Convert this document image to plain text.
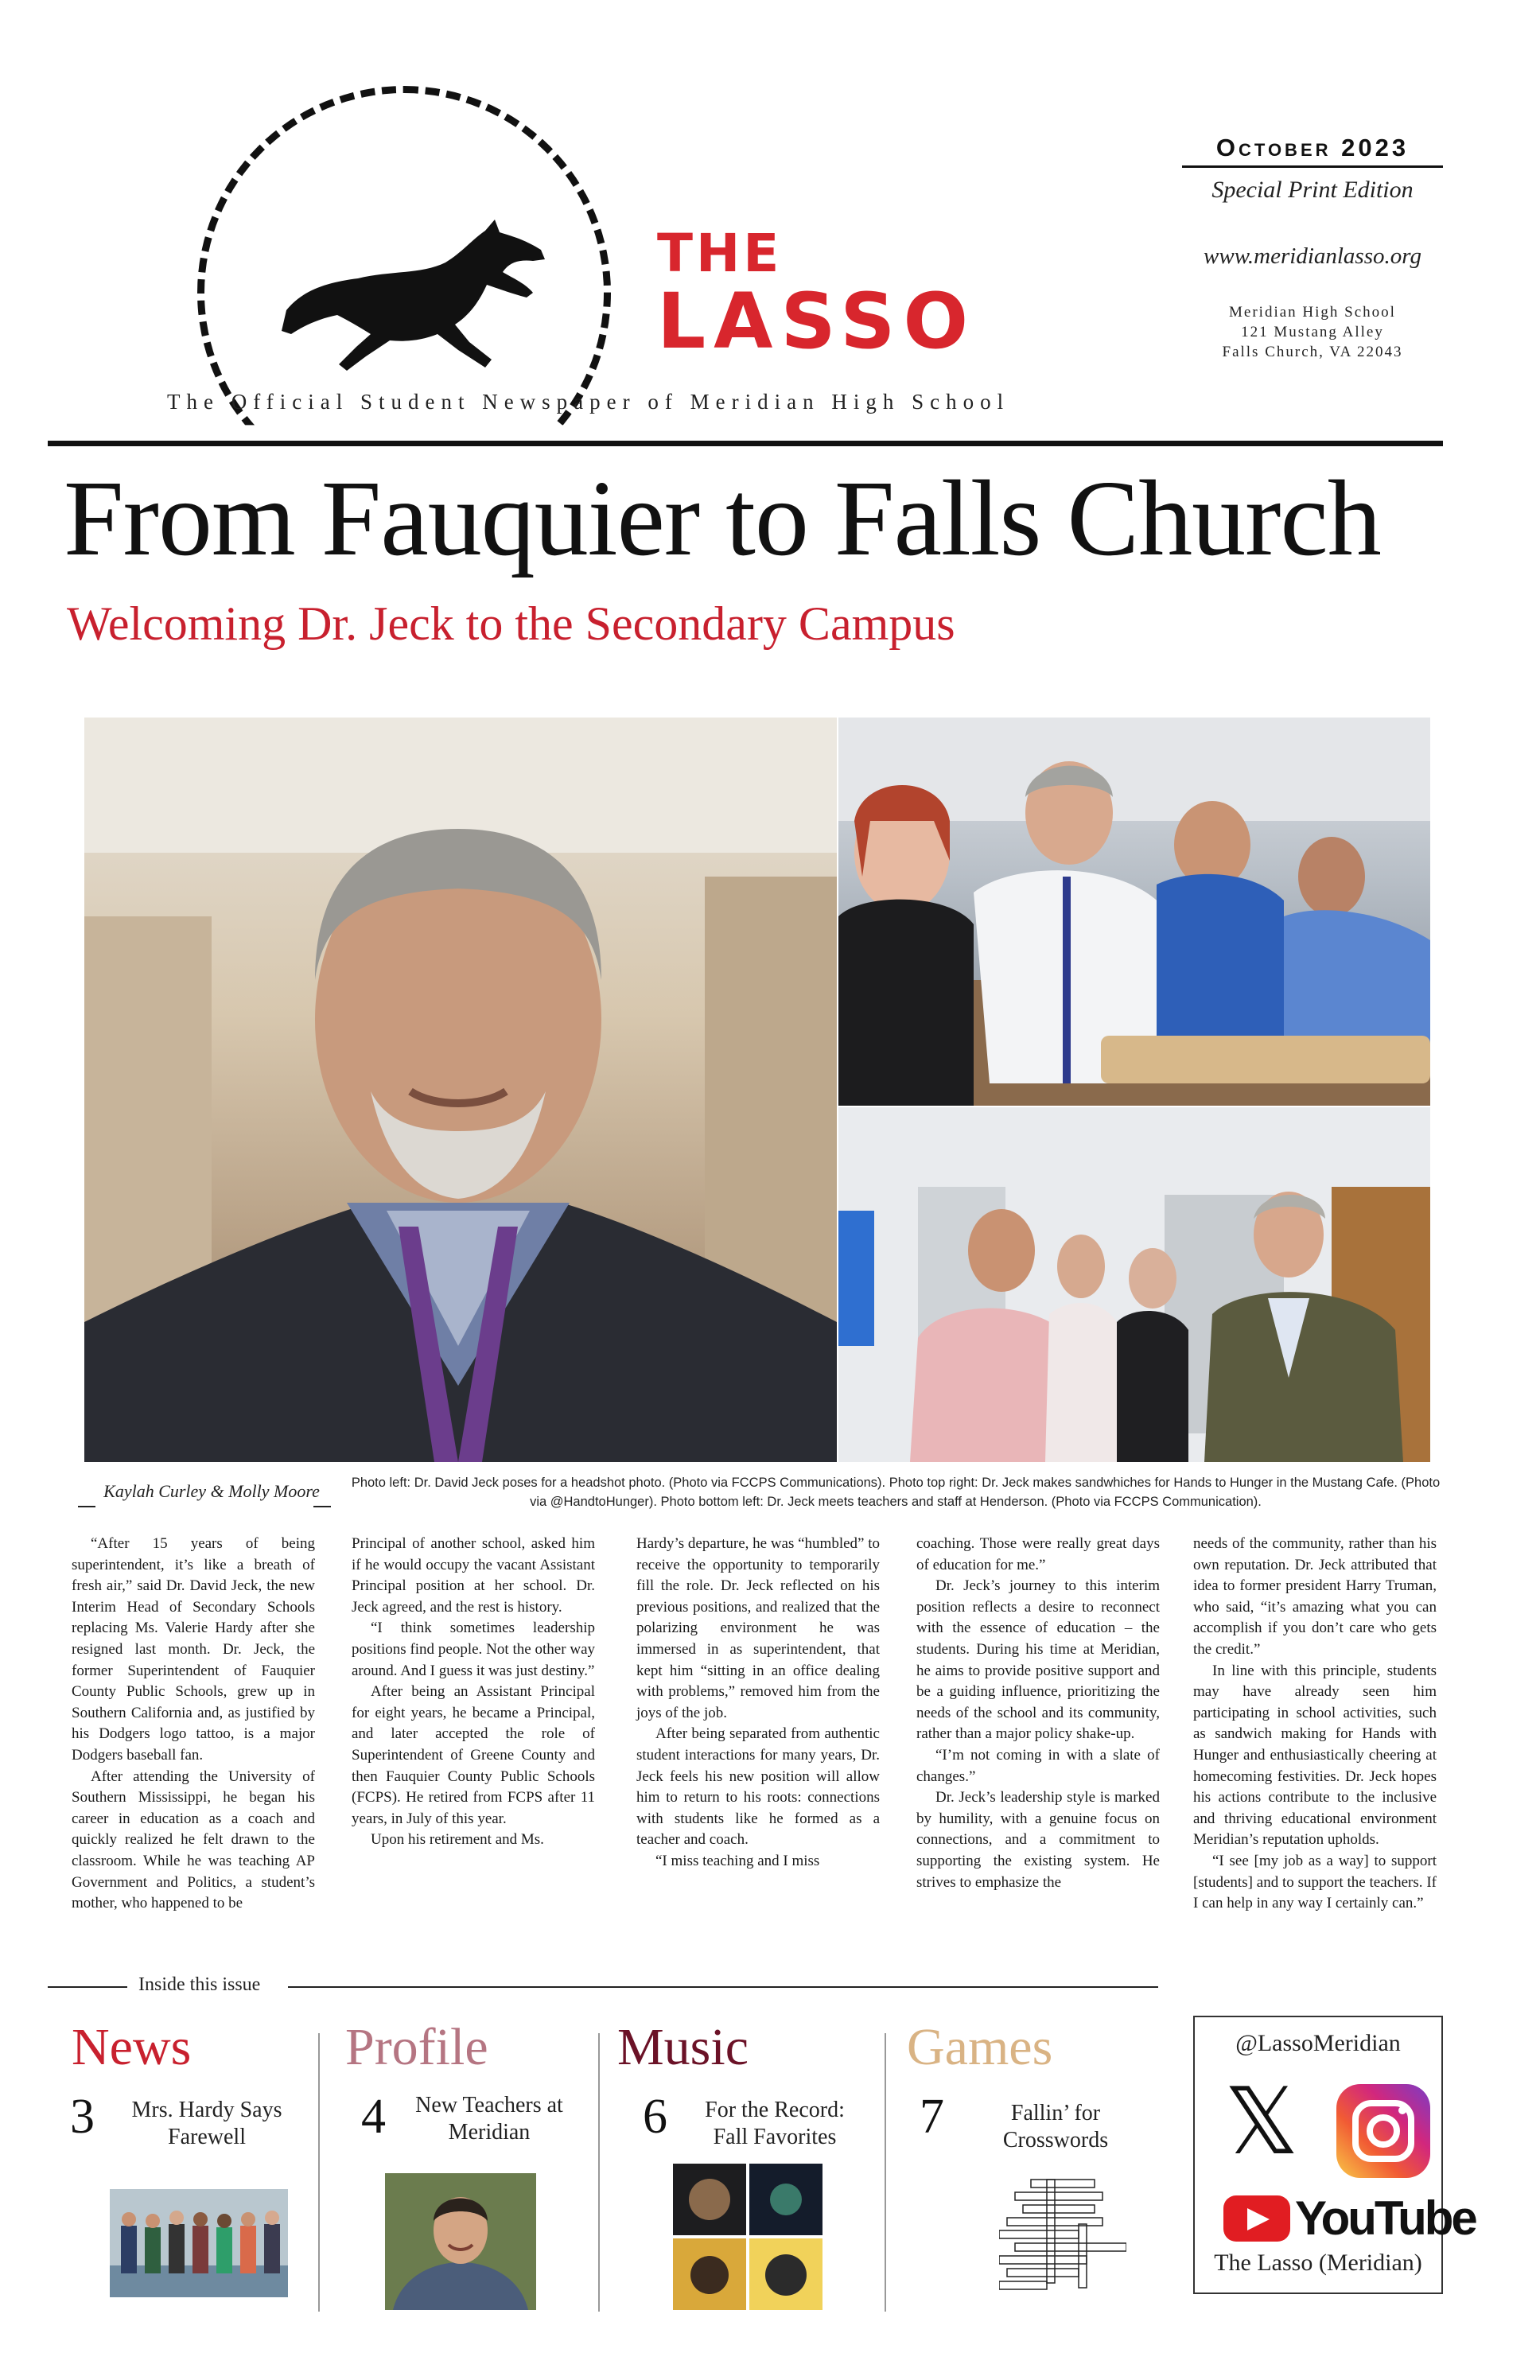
THE
LASSO
The Official Student Newspaper of Meridian High School
October 2023
Special Print Edition
www.meridianlasso.org
Meridian High School
121 Mustang Alley
Falls Church, VA 22043
From Fauquier to Falls Church
Welcoming Dr. Jeck to the Secondary Campus
Kaylah Curley & Molly Moore	Photo left: Dr. David Jeck poses for a headshot photo. (Photo via FCCPS Communications). Photo top right: Dr. Jeck makes sandwhiches for Hands to Hunger in the Mustang Cafe. (Photo via @HandtoHunger). Photo bottom left: Dr. Jeck meets teachers and staff at Henderson. (Photo via FCCPS Communication).

“After 15 years of being superintendent, it’s like a breath of fresh air,” said Dr. David Jeck, the new Interim Head of Secondary Schools replacing Ms. Valerie Hardy after she resigned last month. Dr. Jeck, the former Superintendent of Fauquier County Public Schools, grew up in Southern California and, as justified by his Dodgers logo tattoo, is a major Dodgers baseball fan.

After attending the University of Southern Mississippi, he began his career in education as a coach and quickly realized he felt drawn to the classroom. While he was teaching AP Government and Politics, a student’s mother, who happened to be

Principal of another school, asked him if he would occupy the vacant Assistant Principal position at her school. Dr. Jeck agreed, and the rest is history.

“I think sometimes leadership positions find people. Not the other way around. And I guess it was just destiny.”

After being an Assistant Principal for eight years, he became a Principal, and later accepted the role of Superintendent of Greene County and then Fauquier County Public Schools (FCPS). He retired from FCPS after 11 years, in July of this year.

Upon his retirement and Ms.

Hardy’s departure, he was “humbled” to receive the opportunity to temporarily fill the role. Dr. Jeck reflected on his previous positions, and realized that the polarizing environment he was immersed in as superintendent, that kept him “sitting in an office dealing with problems,” removed him from the joys of the job.

After being separated from authentic student interactions for many years, Dr. Jeck feels his new position will allow him to return to his roots: connections with students like he formed as a teacher and coach.

“I miss teaching and I miss

coaching. Those were really great days of education for me.”

Dr. Jeck’s journey to this interim position reflects a desire to reconnect with the essence of education – the students. During his time at Meridian, he aims to provide positive support and be a guiding influence, prioritizing the needs of the school and its community, rather than a major policy shake-up.

“I’m not coming in with a slate of changes.”

Dr. Jeck’s leadership style is marked by humility, with a genuine focus on connections, and a commitment to supporting the existing system. He strives to emphasize the

needs of the community, rather than his own reputation. Dr. Jeck attributed that idea to former president Harry Truman, who said, “it’s amazing what you can accomplish if you don’t care who gets the credit.”

In line with this principle, students may have already seen him participating in school activities, such as sandwich making for Hands with Hunger and enthusiastically cheering at homecoming festivities. Dr. Jeck hopes his actions contribute to the inclusive and thriving educational environment Meridian’s reputation upholds.

“I see [my job as a way] to support [students] and to support the teachers. If I can help in any way I certainly can.”

Inside this issue
News
3	Mrs. Hardy Says Farewell
Profile
4	New Teachers at Meridian
Music
6	For the Record: Fall Favorites
Games
7	Fallin’ for Crosswords
@LassoMeridian
𝕏
YouTube
The Lasso (Meridian)
